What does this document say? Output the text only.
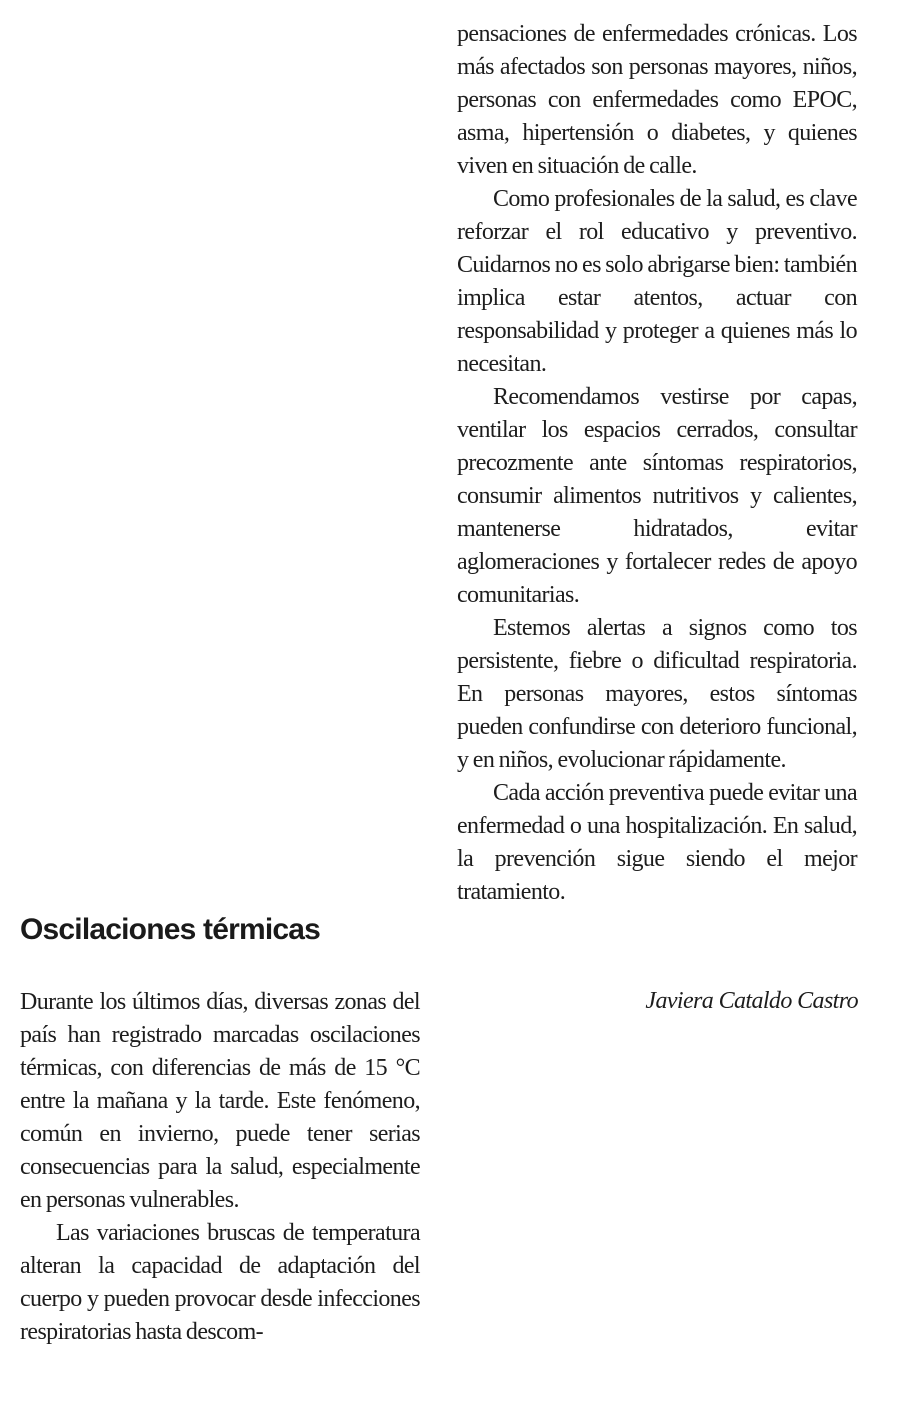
pensaciones de enfermedades crónicas. Los más afectados son personas mayores, niños, personas con enfermedades como EPOC, asma, hipertensión o diabetes, y quienes viven en situación de calle.

Como profesionales de la salud, es clave reforzar el rol educativo y preventivo. Cuidarnos no es solo abrigarse bien: también implica estar atentos, actuar con responsabilidad y proteger a quienes más lo necesitan.

Recomendamos vestirse por capas, ventilar los espacios cerrados, consultar precozmente ante síntomas respiratorios, consumir alimentos nutritivos y calientes, mantenerse hidratados, evitar aglomeraciones y fortalecer redes de apoyo comunitarias.

Estemos alertas a signos como tos persistente, fiebre o dificultad respiratoria. En personas mayores, estos síntomas pueden confundirse con deterioro funcional, y en niños, evolucionar rápidamente.

Cada acción preventiva puede evitar una enfermedad o una hospitalización. En salud, la prevención sigue siendo el mejor tratamiento.

Oscilaciones térmicas

Javiera Cataldo Castro

Durante los últimos días, diversas zonas del país han registrado marcadas oscilaciones térmicas, con diferencias de más de 15 °C entre la mañana y la tarde. Este fenómeno, común en invierno, puede tener serias consecuencias para la salud, especialmente en personas vulnerables.

Las variaciones bruscas de temperatura alteran la capacidad de adaptación del cuerpo y pueden provocar desde infecciones respiratorias hasta descom-
